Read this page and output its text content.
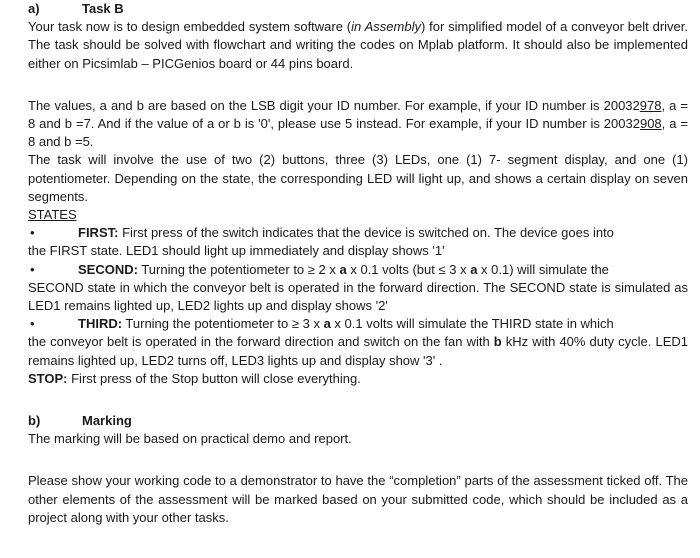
a)	Task B

Your task now is to design embedded system software (in Assembly) for simplified model of a conveyor belt driver. The task should be solved with flowchart and writing the codes on Mplab platform. It should also be implemented either on Picsimlab – PICGenios board or 44 pins board.

The values, a and b are based on the LSB digit your ID number. For example, if your ID number is 20032978, a = 8 and b =7. And if the value of a or b is '0', please use 5 instead. For example, if your ID number is 20032908, a = 8 and b =5.

The task will involve the use of two (2) buttons, three (3) LEDs, one (1) 7- segment display, and one (1) potentiometer. Depending on the state, the corresponding LED will light up, and shows a certain display on seven segments.

STATES

•	FIRST: First press of the switch indicates that the device is switched on. The device goes into

the FIRST state. LED1 should light up immediately and display shows '1'

•	SECOND: Turning the potentiometer to ≥ 2 x a x 0.1 volts (but ≤ 3 x a x 0.1) will simulate the

SECOND state in which the conveyor belt is operated in the forward direction. The SECOND state is simulated as LED1 remains lighted up, LED2 lights up and display shows '2'

•	THIRD: Turning the potentiometer to ≥ 3 x a x 0.1 volts will simulate the THIRD state in which

the conveyor belt is operated in the forward direction and switch on the fan with b kHz with 40% duty cycle. LED1 remains lighted up, LED2 turns off, LED3 lights up and display show '3' .

STOP: First press of the Stop button will close everything.

b)	Marking

The marking will be based on practical demo and report.

Please show your working code to a demonstrator to have the “completion” parts of the assessment ticked off. The other elements of the assessment will be marked based on your submitted code, which should be included as a project along with your other tasks.
